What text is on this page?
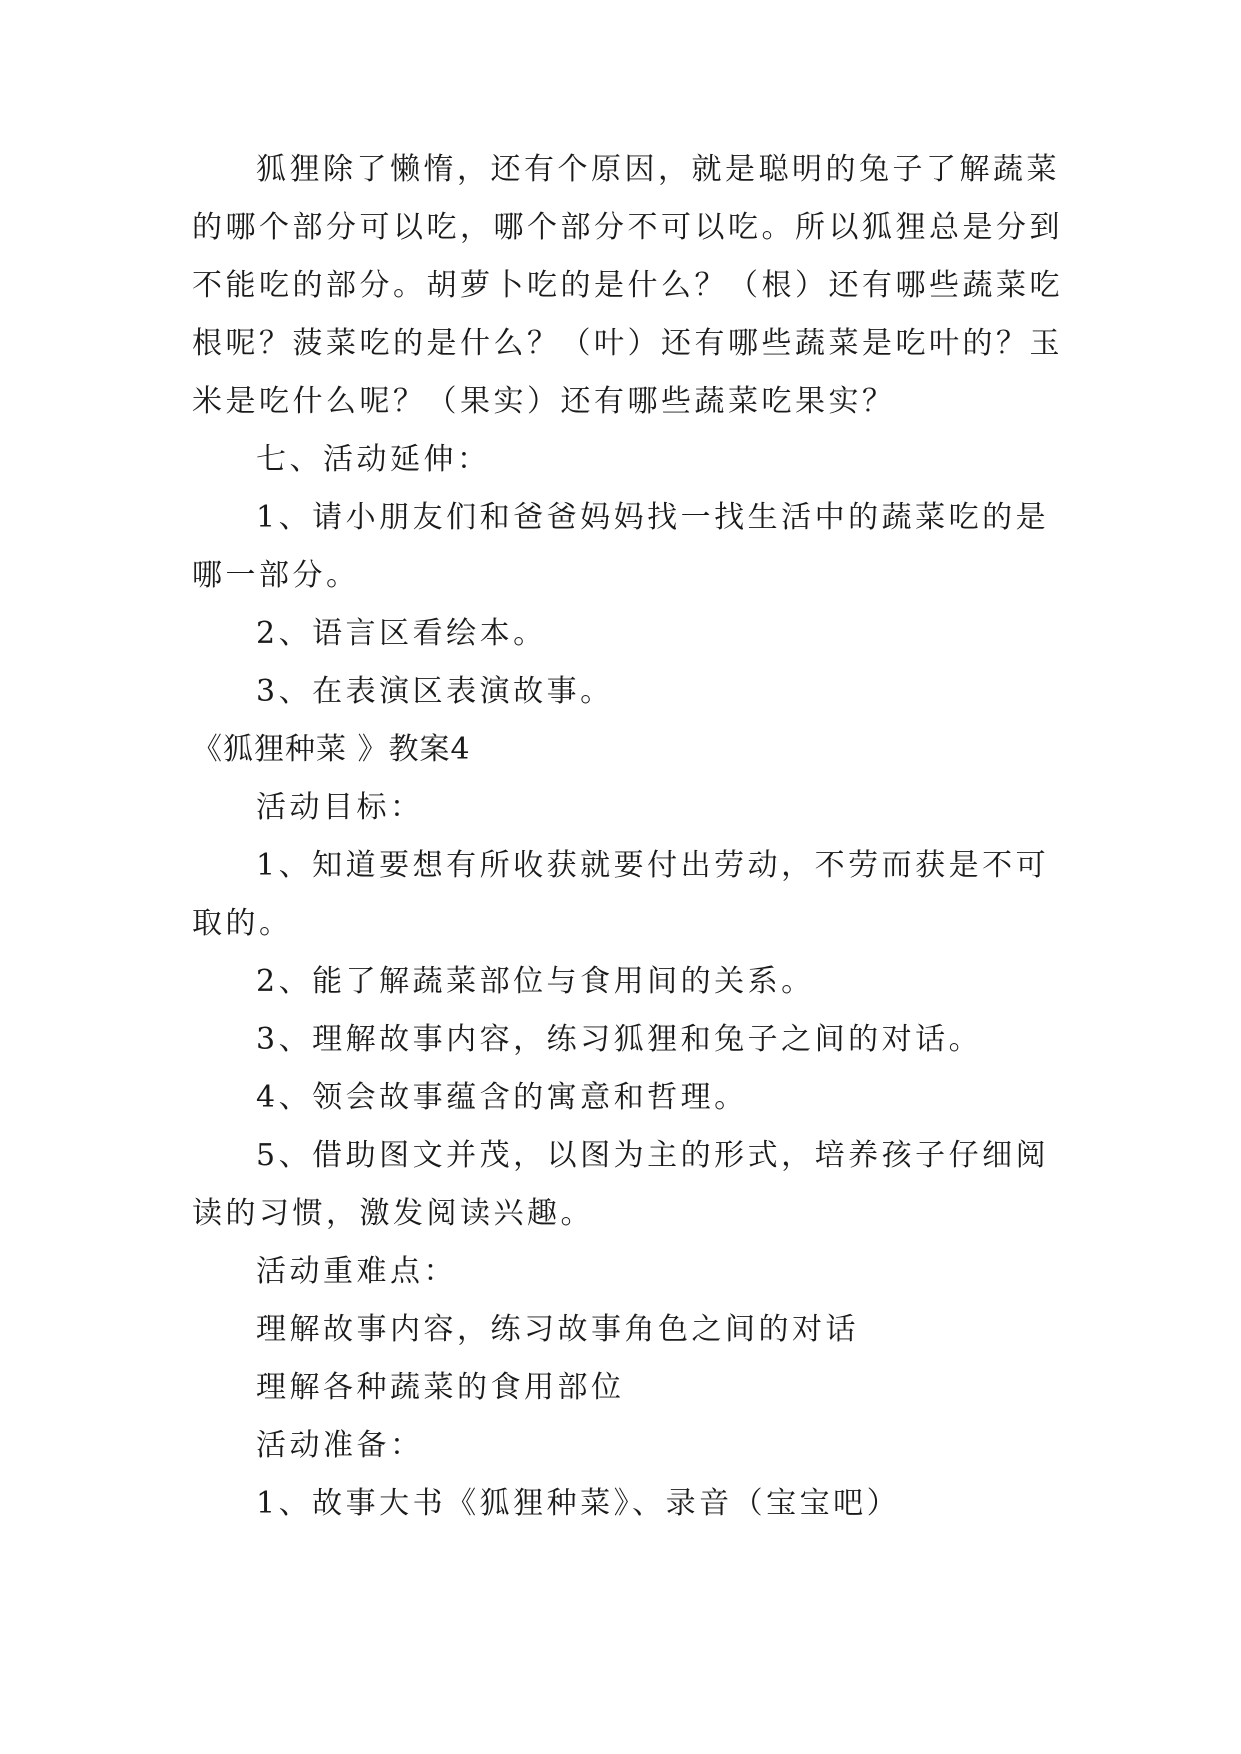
狐狸除了懒惰，还有个原因，就是聪明的兔子了解蔬菜
的哪个部分可以吃，哪个部分不可以吃。所以狐狸总是分到
不能吃的部分。胡萝卜吃的是什么？（根）还有哪些蔬菜吃
根呢？菠菜吃的是什么？（叶）还有哪些蔬菜是吃叶的？玉
米是吃什么呢？（果实）还有哪些蔬菜吃果实？
七、活动延伸：
1、请小朋友们和爸爸妈妈找一找生活中的蔬菜吃的是
哪一部分。
2、语言区看绘本。
3、在表演区表演故事。
《狐狸种菜 》教案4
活动目标：
1、知道要想有所收获就要付出劳动，不劳而获是不可
取的。
2、能了解蔬菜部位与食用间的关系。
3、理解故事内容，练习狐狸和兔子之间的对话。
4、领会故事蕴含的寓意和哲理。
5、借助图文并茂，以图为主的形式，培养孩子仔细阅
读的习惯，激发阅读兴趣。
活动重难点：
理解故事内容，练习故事角色之间的对话
理解各种蔬菜的食用部位
活动准备：
1、故事大书《狐狸种菜》、录音（宝宝吧）
